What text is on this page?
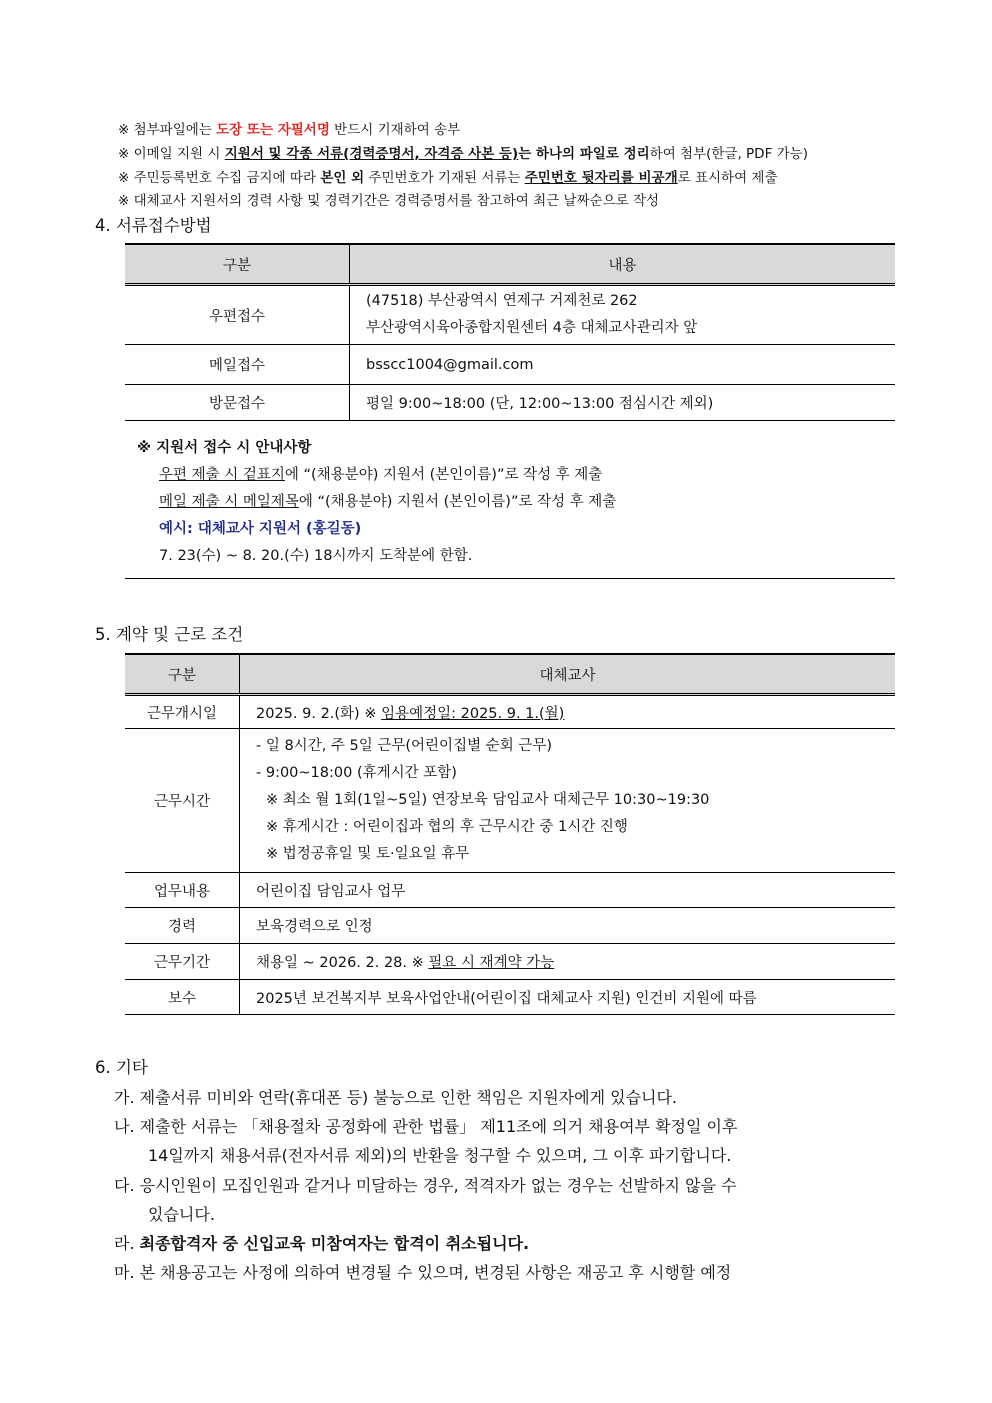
※ 첨부파일에는 도장 또는 자필서명 반드시 기재하여 송부
※ 이메일 지원 시 지원서 및 각종 서류(경력증명서, 자격증 사본 등)는 하나의 파일로 정리하여 첨부(한글, PDF 가능)
※ 주민등록번호 수집 금지에 따라 본인 외 주민번호가 기재된 서류는 주민번호 뒷자리를 비공개로 표시하여 제출
※ 대체교사 지원서의 경력 사항 및 경력기간은 경력증명서를 참고하여 최근 날짜순으로 작성
4. 서류접수방법
구분	내용
우편접수	(47518) 부산광역시 연제구 거제천로 262
부산광역시육아종합지원센터 4층 대체교사관리자 앞

메일접수	bsscc1004@gmail.com
방문접수	평일 9:00~18:00 (단, 12:00~13:00 점심시간 제외)
※ 지원서 접수 시 안내사항
우편 제출 시 겉표지에 “(채용분야) 지원서 (본인이름)”로 작성 후 제출
메일 제출 시 메일제목에 “(채용분야) 지원서 (본인이름)”로 작성 후 제출
예시: 대체교사 지원서 (홍길동)
7. 23(수) ~ 8. 20.(수) 18시까지 도착분에 한함.
5. 계약 및 근로 조건
구분	대체교사
근무개시일	2025. 9. 2.(화) ※ 임용예정일: 2025. 9. 1.(월)
근무시간	- 일 8시간, 주 5일 근무(어린이집별 순회 근무)
- 9:00~18:00 (휴게시간 포함)
※ 최소 월 1회(1일~5일) 연장보육 담임교사 대체근무 10:30~19:30
※ 휴게시간 : 어린이집과 협의 후 근무시간 중 1시간 진행
※ 법정공휴일 및 토·일요일 휴무

업무내용	어린이집 담임교사 업무
경력	보육경력으로 인정
근무기간	채용일 ~ 2026. 2. 28. ※ 필요 시 재계약 가능
보수	2025년 보건복지부 보육사업안내(어린이집 대체교사 지원) 인건비 지원에 따름
6. 기타
가. 제출서류 미비와 연락(휴대폰 등) 불능으로 인한 책임은 지원자에게 있습니다.
나. 제출한 서류는 「채용절차 공정화에 관한 법률」 제11조에 의거 채용여부 확정일 이후
14일까지 채용서류(전자서류 제외)의 반환을 청구할 수 있으며, 그 이후 파기합니다.
다. 응시인원이 모집인원과 같거나 미달하는 경우, 적격자가 없는 경우는 선발하지 않을 수
있습니다.
라. 최종합격자 중 신입교육 미참여자는 합격이 취소됩니다.
마. 본 채용공고는 사정에 의하여 변경될 수 있으며, 변경된 사항은 재공고 후 시행할 예정
